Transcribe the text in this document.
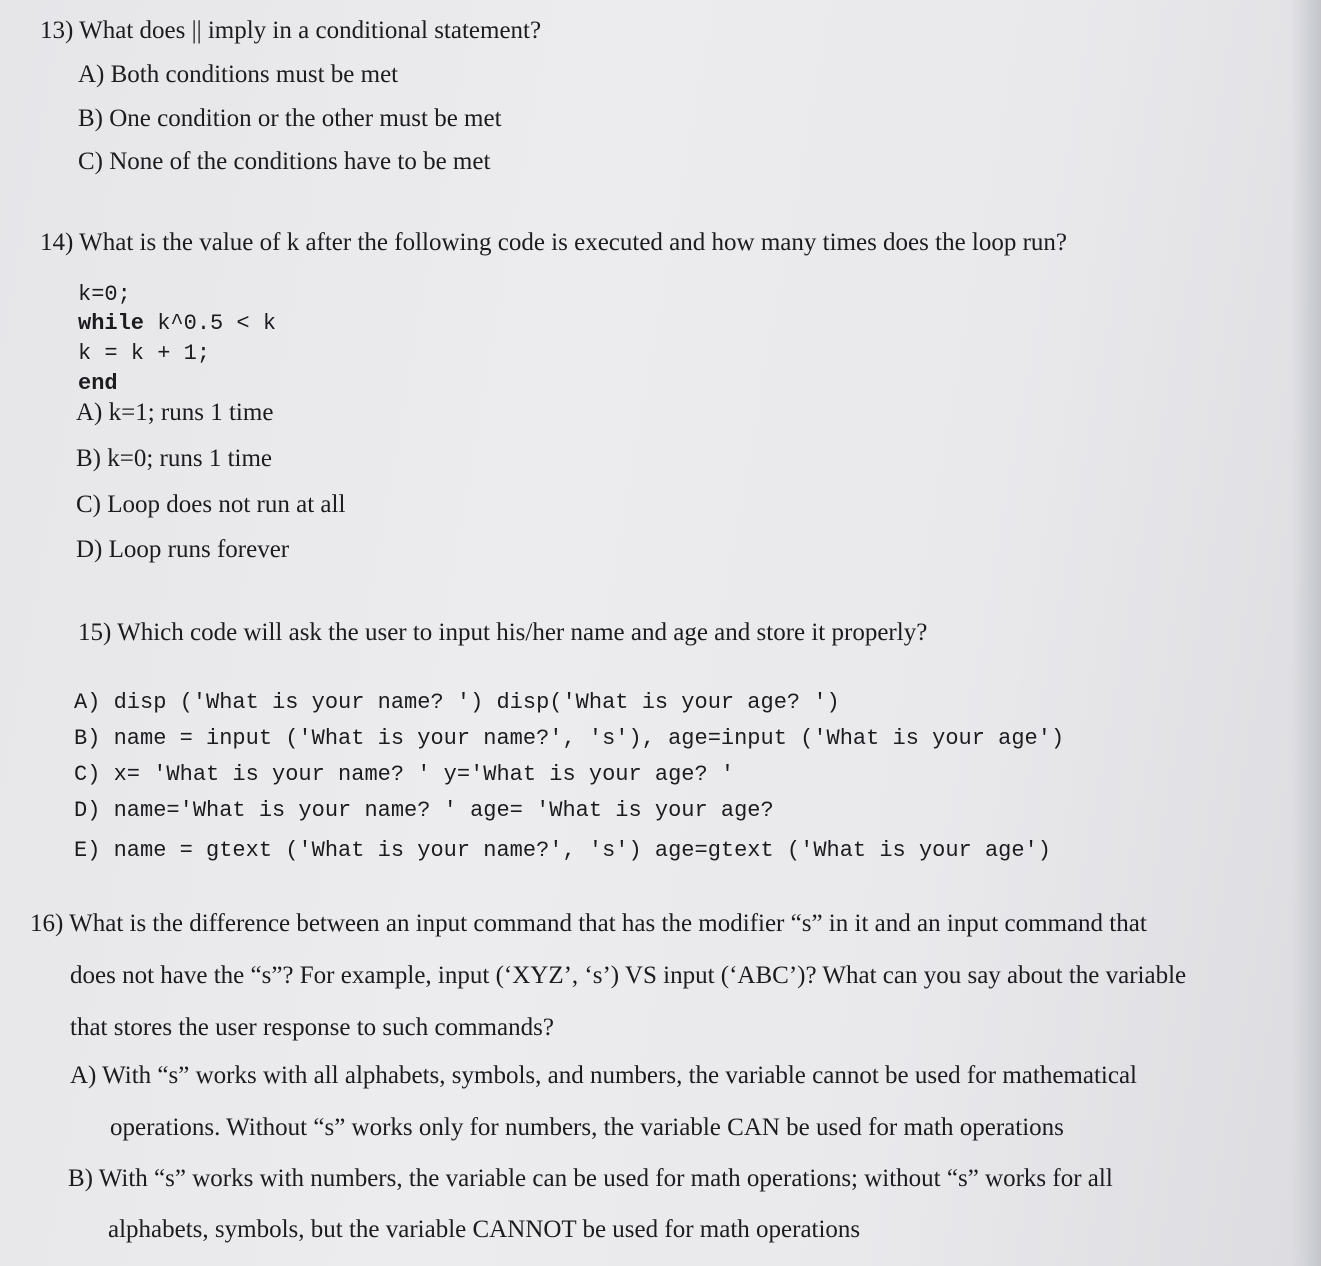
13) What does || imply in a conditional statement?
A) Both conditions must be met
B) One condition or the other must be met
C) None of the conditions have to be met
14) What is the value of k after the following code is executed and how many times does the loop run?
k=0;
while k^0.5 < k
k = k + 1;
end
A) k=1; runs 1 time
B) k=0; runs 1 time
C) Loop does not run at all
D) Loop runs forever
15) Which code will ask the user to input his/her name and age and store it properly?
A) disp ('What is your name? ') disp('What is your age? ')
B) name = input ('What is your name?', 's'), age=input ('What is your age')
C) x= 'What is your name? ' y='What is your age? '
D) name='What is your name? ' age= 'What is your age?
E) name = gtext ('What is your name?', 's') age=gtext ('What is your age')
16) What is the difference between an input command that has the modifier “s” in it and an input command that
does not have the “s”? For example, input (‘XYZ’, ‘s’) VS input (‘ABC’)? What can you say about the variable
that stores the user response to such commands?
A) With “s” works with all alphabets, symbols, and numbers, the variable cannot be used for mathematical
operations. Without “s” works only for numbers, the variable CAN be used for math operations
B) With “s” works with numbers, the variable can be used for math operations; without “s” works for all
alphabets, symbols, but the variable CANNOT be used for math operations
